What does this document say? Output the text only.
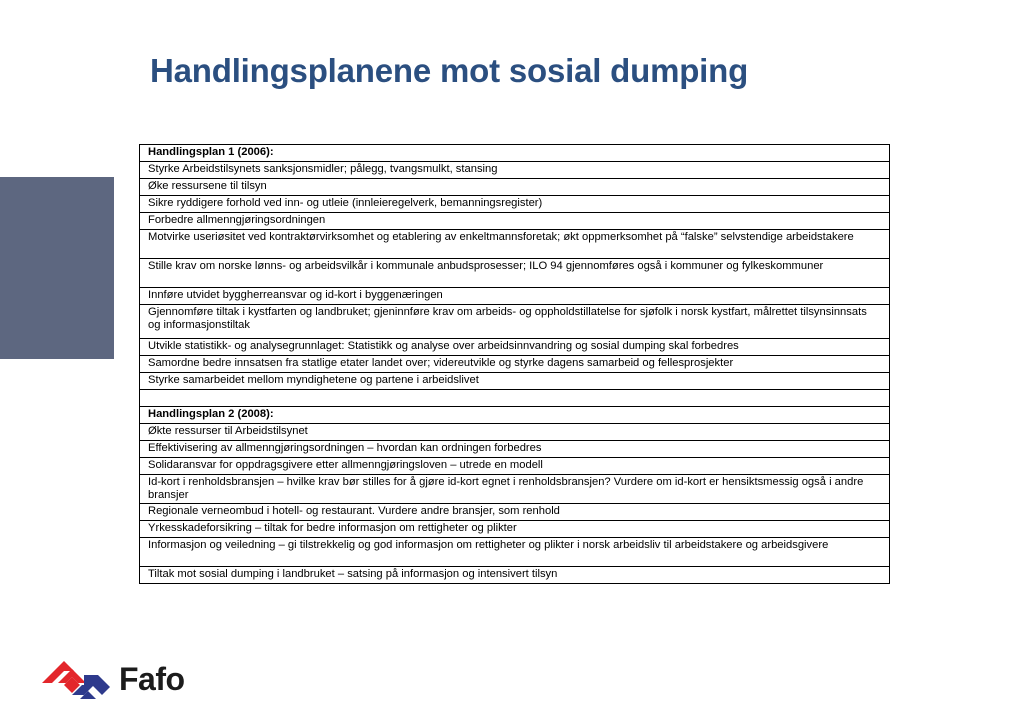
Handlingsplanene mot sosial dumping
Handlingsplan 1 (2006):
Styrke Arbeidstilsynets sanksjonsmidler; pålegg, tvangsmulkt, stansing
Øke ressursene til tilsyn
Sikre ryddigere forhold ved inn- og utleie (innleieregelverk, bemanningsregister)
Forbedre allmenngjøringsordningen
Motvirke useriøsitet ved kontraktørvirksomhet og etablering av enkeltmannsforetak; økt oppmerksomhet på “falske” selvstendige arbeidstakere
Stille krav om norske lønns- og arbeidsvilkår i kommunale anbudsprosesser; ILO 94 gjennomføres også i kommuner og fylkeskommuner
Innføre utvidet byggherreansvar og id-kort i byggenæringen
Gjennomføre tiltak i kystfarten og landbruket; gjeninnføre krav om arbeids- og oppholdstillatelse for sjøfolk i norsk kystfart, målrettet tilsynsinnsats og informasjonstiltak
Utvikle statistikk- og analysegrunnlaget: Statistikk og analyse over arbeidsinnvandring og sosial dumping skal forbedres
Samordne bedre innsatsen fra statlige etater landet over; videreutvikle og styrke dagens samarbeid og fellesprosjekter
Styrke samarbeidet mellom myndighetene og partene i arbeidslivet

Handlingsplan 2 (2008):
Økte ressurser til Arbeidstilsynet
Effektivisering av allmenngjøringsordningen – hvordan kan ordningen forbedres
Solidaransvar for oppdragsgivere etter allmenngjøringsloven – utrede en modell
Id-kort i renholdsbransjen – hvilke krav bør stilles for å gjøre id-kort egnet i renholdsbransjen? Vurdere om id-kort er hensiktsmessig også i andre bransjer
Regionale verneombud i hotell- og restaurant. Vurdere andre bransjer, som renhold
Yrkesskadeforsikring – tiltak for bedre informasjon om rettigheter og plikter
Informasjon og veiledning – gi tilstrekkelig og god informasjon om rettigheter og plikter i norsk arbeidsliv til arbeidstakere og arbeidsgivere
Tiltak mot sosial dumping i landbruket – satsing på informasjon og intensivert tilsyn
Fafo
